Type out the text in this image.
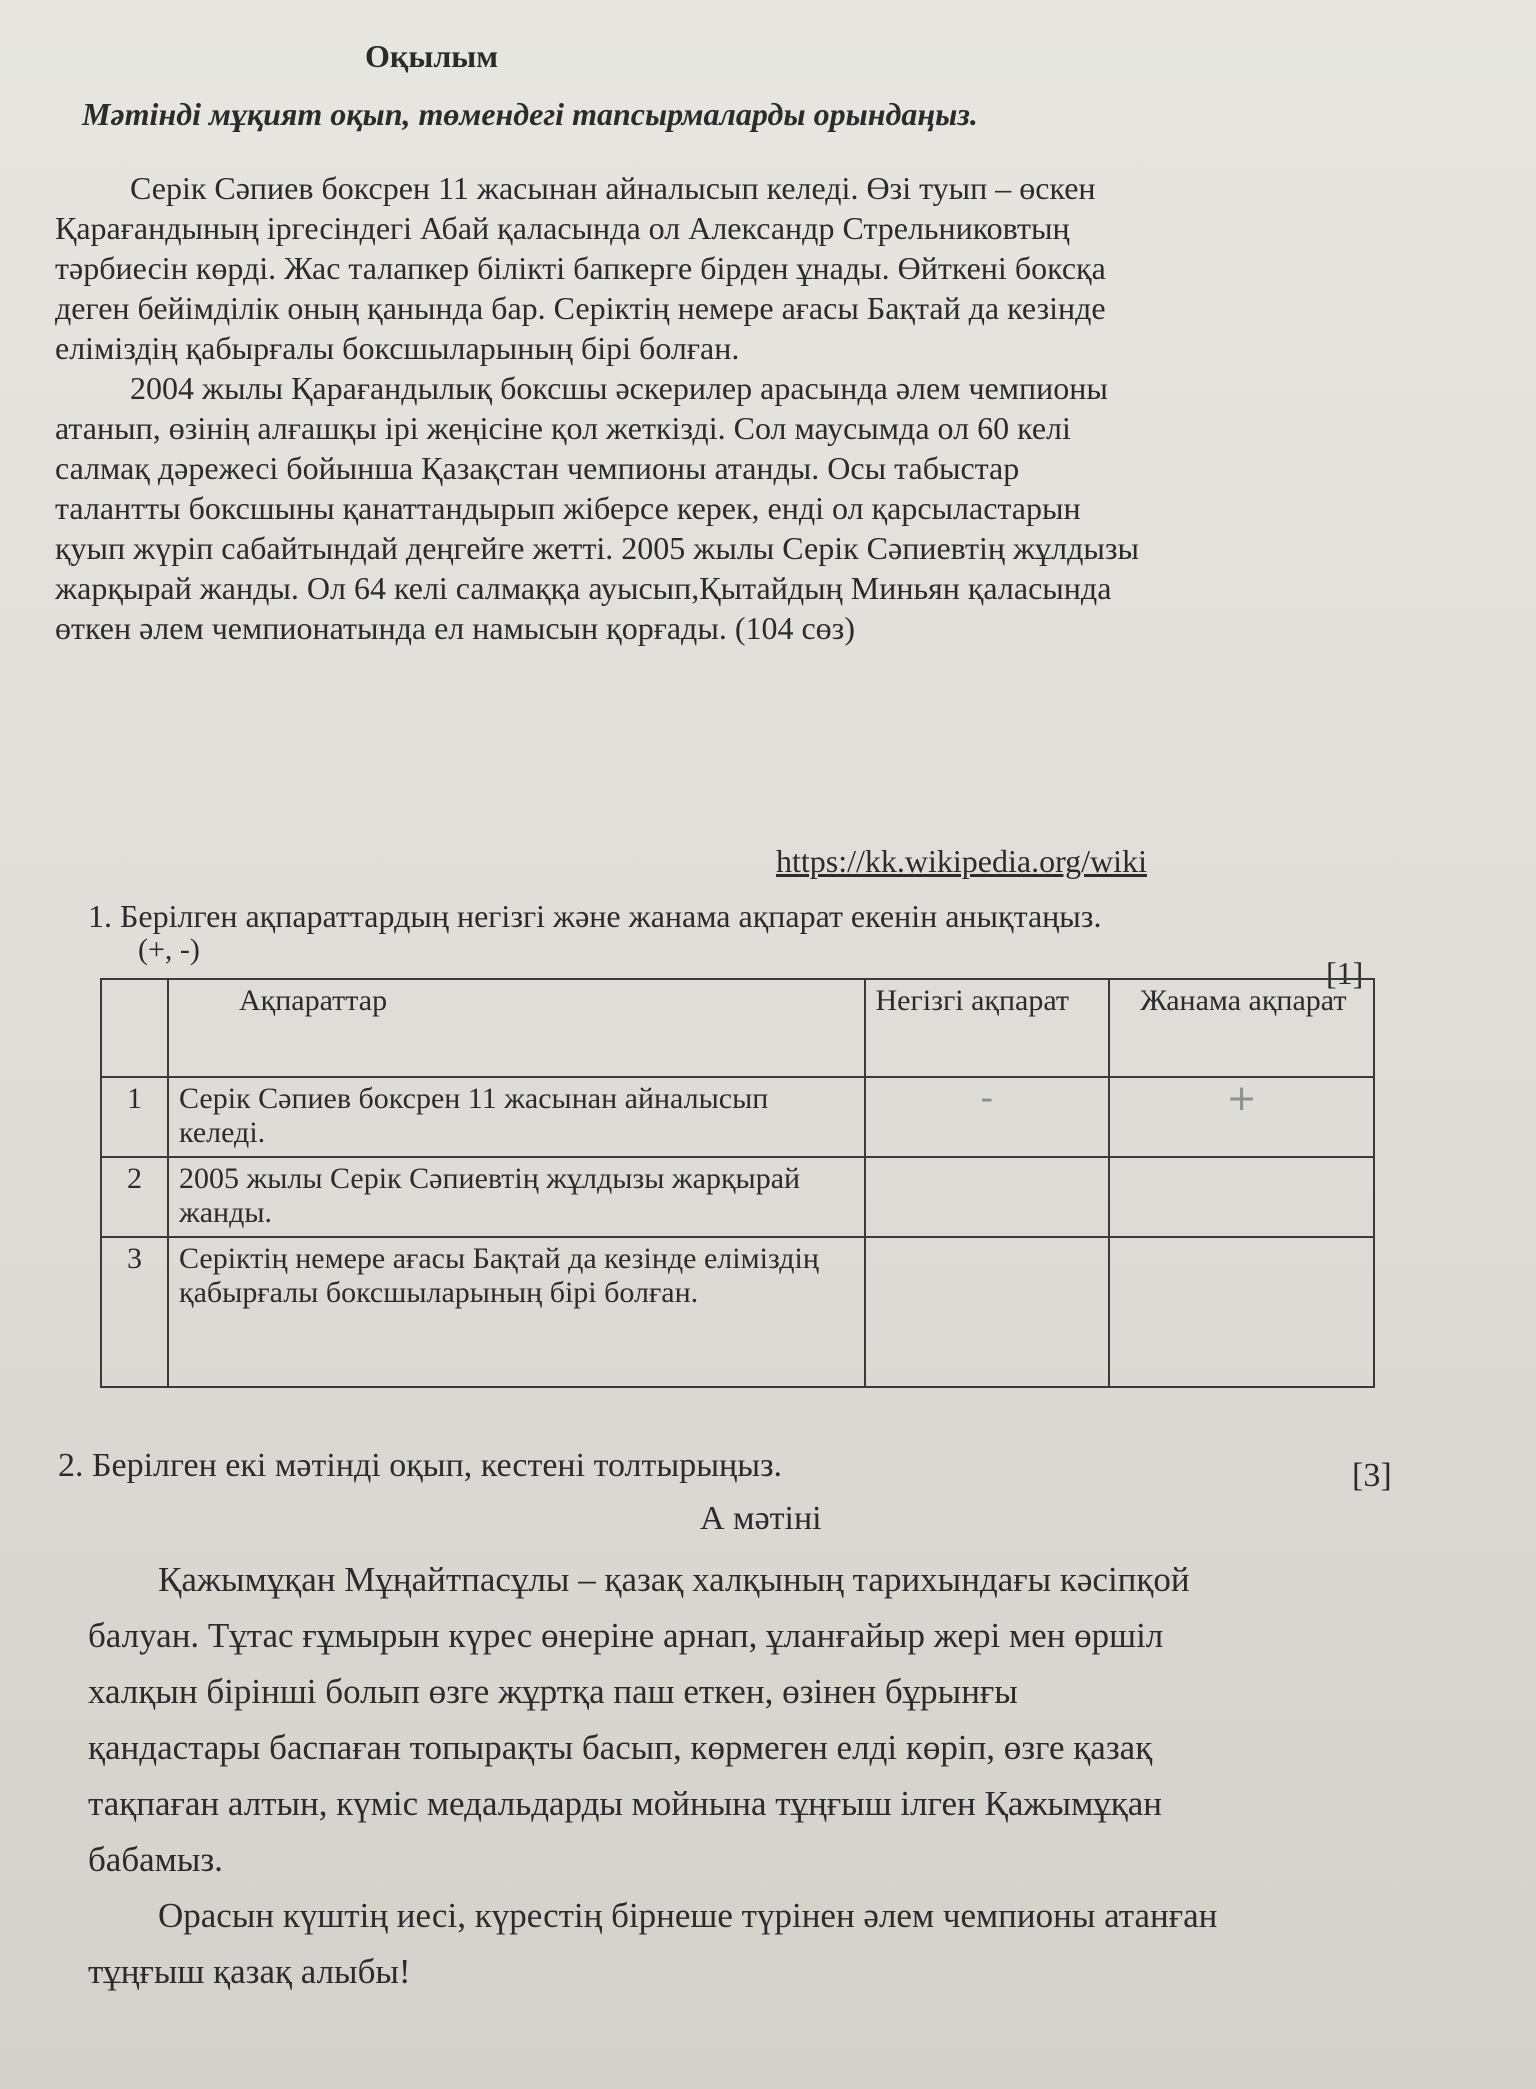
Оқылым
Мәтінді мұқият оқып, төмендегі тапсырмаларды орындаңыз.

Серік Сәпиев боксрен 11 жасынан айналысып келеді. Өзі туып – өскен

Қарағандының іргесіндегі Абай қаласында ол Александр Стрельниковтың

тәрбиесін көрді. Жас талапкер білікті бапкерге бірден ұнады. Өйткені боксқа

деген бейімділік оның қанында бар. Серіктің немере ағасы Бақтай да кезінде

еліміздің қабырғалы боксшыларының бірі болған.

2004 жылы Қарағандылық боксшы әскерилер арасында әлем чемпионы

атанып, өзінің алғашқы ірі жеңісіне қол жеткізді. Сол маусымда ол 60 келі

салмақ дәрежесі бойынша Қазақстан чемпионы атанды. Осы табыстар

талантты боксшыны қанаттандырып жіберсе керек, енді ол қарсыластарын

қуып жүріп сабайтындай деңгейге жетті. 2005 жылы Серік Сәпиевтің жұлдызы

жарқырай жанды. Ол 64 келі салмаққа ауысып,Қытайдың Миньян қаласында

өткен әлем чемпионатында ел намысын қорғады. (104 сөз)

https://kk.wikipedia.org/wiki
1. Берілген ақпараттардың негізгі және жанама ақпарат екенін анықтаңыз.
(+, -)
[1]
	Ақпараттар	Негізгі ақпарат	Жанама ақпарат
1	Серік Сәпиев боксрен 11 жасынан айналысып келеді.	-	+
2	2005 жылы Серік Сәпиевтің жұлдызы жарқырай жанды.		
3	Серіктің немере ағасы Бақтай да кезінде еліміздің қабырғалы боксшыларының бірі болған.		
2. Берілген екі мәтінді оқып, кестені толтырыңыз.	[3]
А мәтіні

Қажымұқан Мұңайтпасұлы – қазақ халқының тарихындағы кәсіпқой

балуан. Тұтас ғұмырын күрес өнеріне арнап, ұланғайыр жері мен өршіл

халқын бірінші болып өзге жұртқа паш еткен, өзінен бұрынғы

қандастары баспаған топырақты басып, көрмеген елді көріп, өзге қазақ

тақпаған алтын, күміс медальдарды мойнына тұңғыш ілген Қажымұқан

бабамыз.

Орасын күштің иесі, күрестің бірнеше түрінен әлем чемпионы атанған

тұңғыш қазақ алыбы!
